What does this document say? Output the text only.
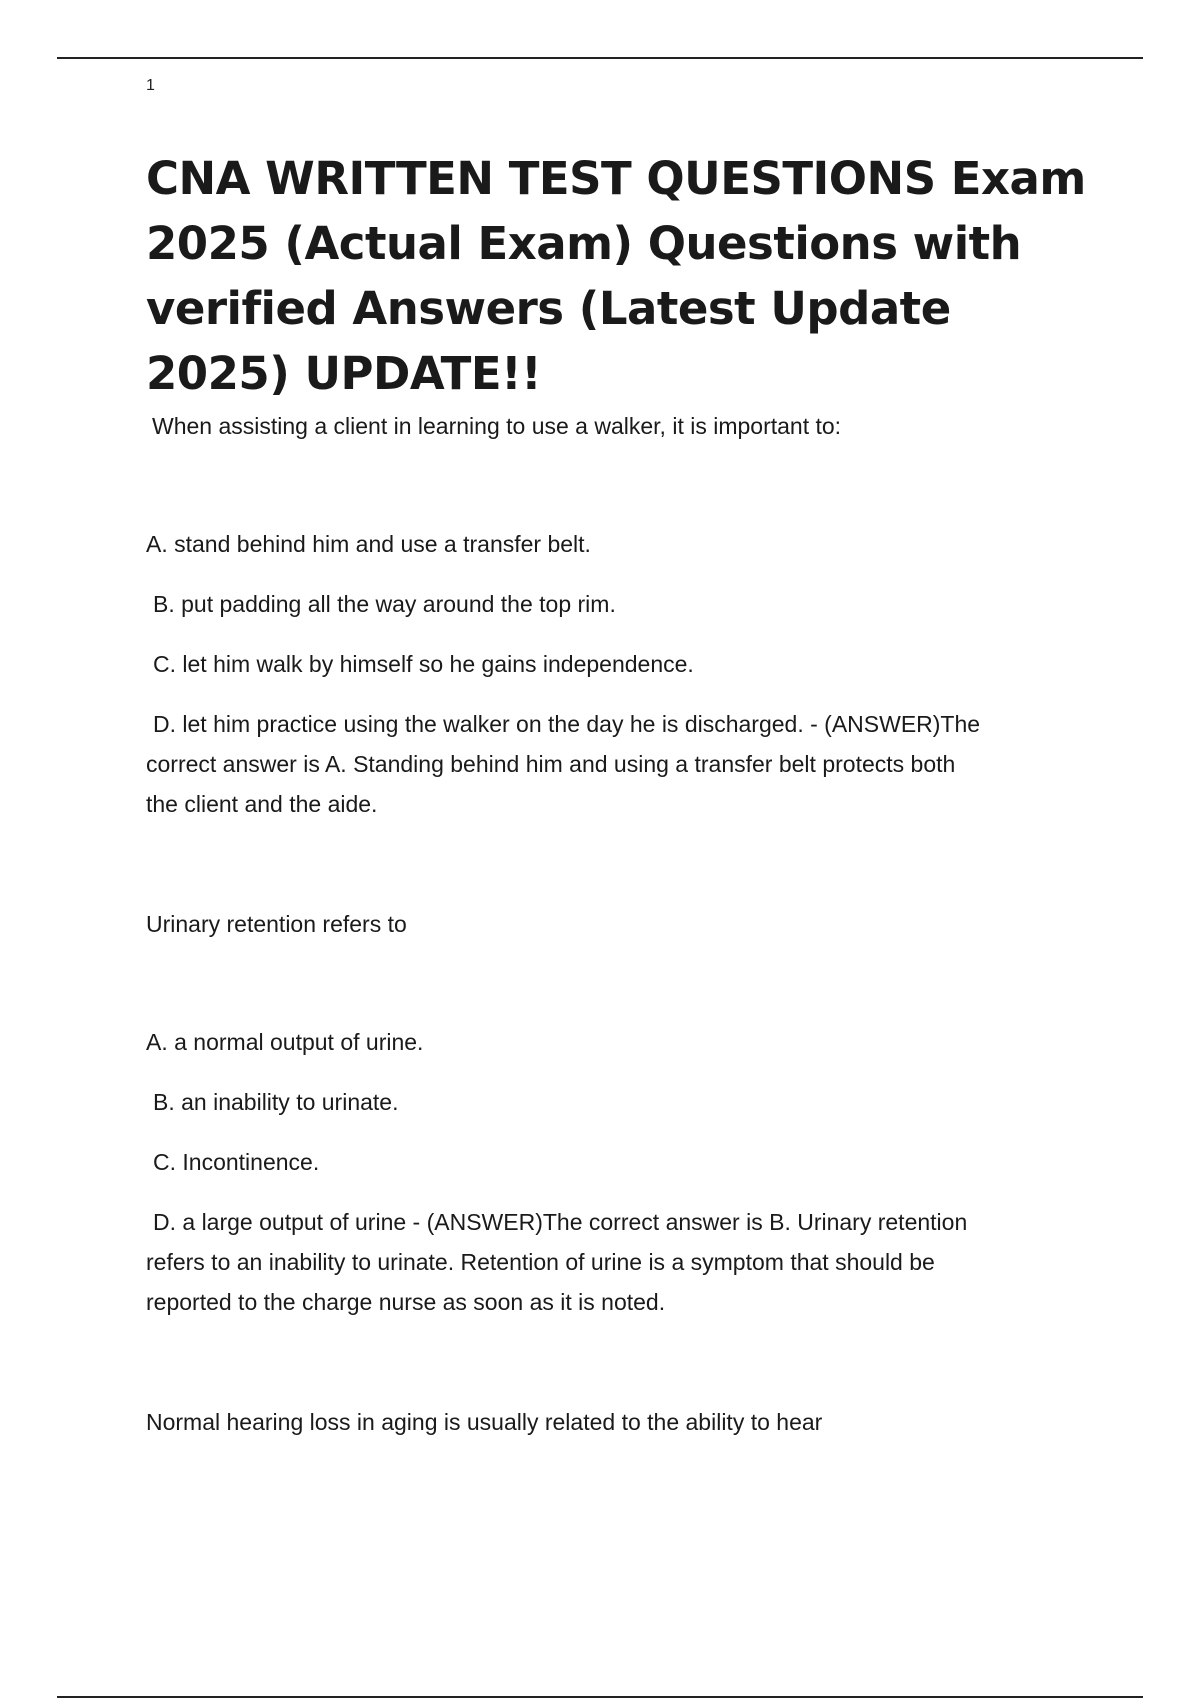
1
CNA WRITTEN TEST QUESTIONS Exam 2025 (Actual Exam) Questions with verified Answers (Latest Update 2025) UPDATE!!

When assisting a client in learning to use a walker, it is important to:

A. stand behind him and use a transfer belt.

B. put padding all the way around the top rim.

C. let him walk by himself so he gains independence.

D. let him practice using the walker on the day he is discharged. - (ANSWER)The
correct answer is A. Standing behind him and using a transfer belt protects both
the client and the aide.

Urinary retention refers to

A. a normal output of urine.

B. an inability to urinate.

C. Incontinence.

D. a large output of urine - (ANSWER)The correct answer is B. Urinary retention
refers to an inability to urinate. Retention of urine is a symptom that should be
reported to the charge nurse as soon as it is noted.

Normal hearing loss in aging is usually related to the ability to hear
